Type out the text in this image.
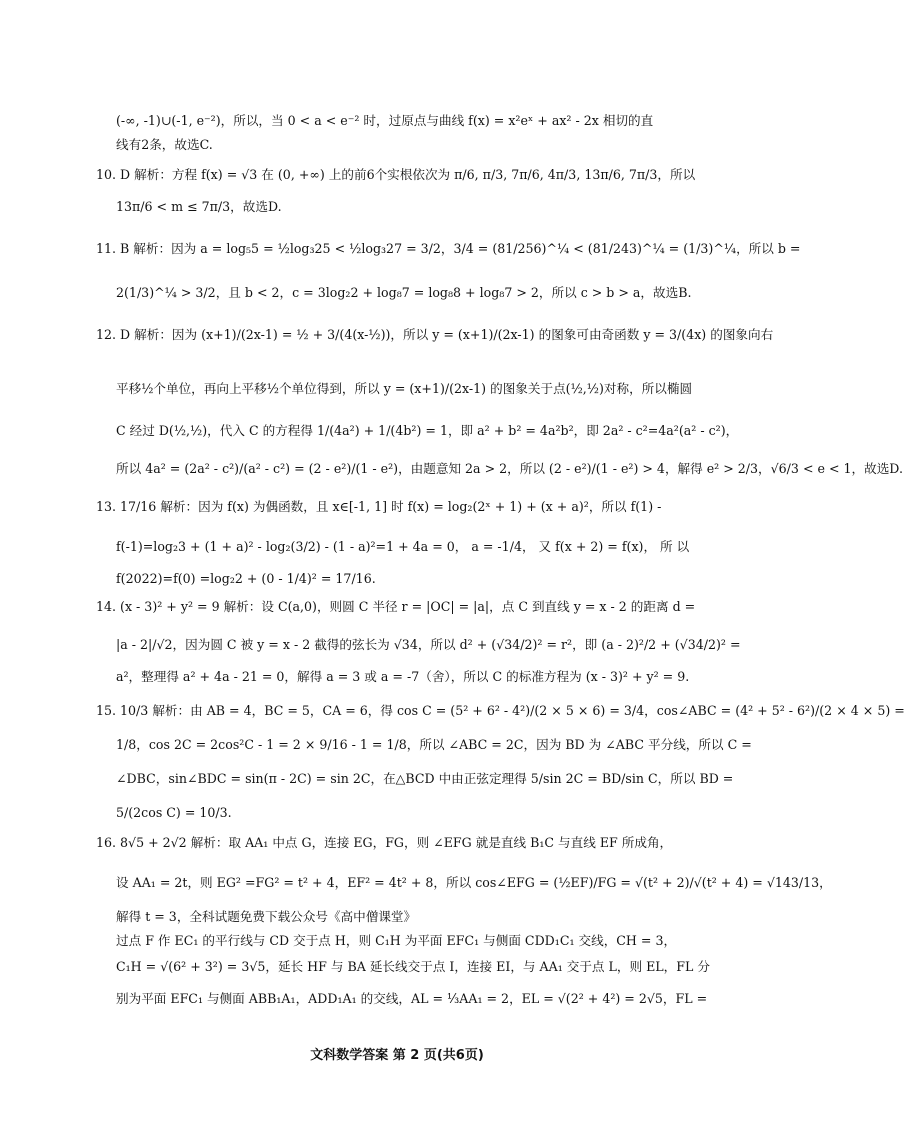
(-∞, -1)∪(-1, e⁻²)，所以，当 0 < a < e⁻² 时，过原点与曲线 f(x) = x²eˣ + ax² - 2x 相切的直
线有2条，故选C.
10. D 解析：方程 f(x) = √3 在 (0, +∞) 上的前6个实根依次为 π/6, π/3, 7π/6, 4π/3, 13π/6, 7π/3，所以
13π/6 < m ≤ 7π/3，故选D.
11. B 解析：因为 a = log₅5 = ½log₃25 < ½log₃27 = 3/2，3/4 = (81/256)^¼ < (81/243)^¼ = (1/3)^¼，所以 b =
2(1/3)^¼ > 3/2，且 b < 2，c = 3log₂2 + log₈7 = log₈8 + log₈7 > 2，所以 c > b > a，故选B.
12. D 解析：因为 (x+1)/(2x-1) = ½ + 3/(4(x-½))，所以 y = (x+1)/(2x-1) 的图象可由奇函数 y = 3/(4x) 的图象向右
平移½个单位，再向上平移½个单位得到，所以 y = (x+1)/(2x-1) 的图象关于点(½,½)对称，所以椭圆
C 经过 D(½,½)，代入 C 的方程得 1/(4a²) + 1/(4b²) = 1，即 a² + b² = 4a²b²，即 2a² - c²=4a²(a² - c²)，
所以 4a² = (2a² - c²)/(a² - c²) = (2 - e²)/(1 - e²)，由题意知 2a > 2，所以 (2 - e²)/(1 - e²) > 4，解得 e² > 2/3，√6/3 < e < 1，故选D.
13. 17/16 解析：因为 f(x) 为偶函数，且 x∈[-1, 1] 时 f(x) = log₂(2ˣ + 1) + (x + a)²，所以 f(1) -
f(-1)=log₂3 + (1 + a)² - log₂(3/2) - (1 - a)²=1 + 4a = 0， a = -1/4， 又 f(x + 2) = f(x)， 所 以
f(2022)=f(0) =log₂2 + (0 - 1/4)² = 17/16.
14. (x - 3)² + y² = 9 解析：设 C(a,0)，则圆 C 半径 r = |OC| = |a|，点 C 到直线 y = x - 2 的距离 d =
|a - 2|/√2，因为圆 C 被 y = x - 2 截得的弦长为 √34，所以 d² + (√34/2)² = r²，即 (a - 2)²/2 + (√34/2)² =
a²，整理得 a² + 4a - 21 = 0，解得 a = 3 或 a = -7（舍），所以 C 的标准方程为 (x - 3)² + y² = 9.
15. 10/3 解析：由 AB = 4，BC = 5，CA = 6，得 cos C = (5² + 6² - 4²)/(2 × 5 × 6) = 3/4，cos∠ABC = (4² + 5² - 6²)/(2 × 4 × 5) =
1/8，cos 2C = 2cos²C - 1 = 2 × 9/16 - 1 = 1/8，所以 ∠ABC = 2C，因为 BD 为 ∠ABC 平分线，所以 C =
∠DBC，sin∠BDC = sin(π - 2C) = sin 2C，在△BCD 中由正弦定理得 5/sin 2C = BD/sin C，所以 BD =
5/(2cos C) = 10/3.
16. 8√5 + 2√2 解析：取 AA₁ 中点 G，连接 EG，FG，则 ∠EFG 就是直线 B₁C 与直线 EF 所成角，
设 AA₁ = 2t，则 EG² =FG² = t² + 4，EF² = 4t² + 8，所以 cos∠EFG = (½EF)/FG = √(t² + 2)/√(t² + 4) = √143/13，
解得 t = 3，全科试题免费下载公众号《高中僧课堂》
过点 F 作 EC₁ 的平行线与 CD 交于点 H，则 C₁H 为平面 EFC₁ 与侧面 CDD₁C₁ 交线，CH = 3，
C₁H = √(6² + 3²) = 3√5，延长 HF 与 BA 延长线交于点 I，连接 EI，与 AA₁ 交于点 L，则 EL，FL 分
别为平面 EFC₁ 与侧面 ABB₁A₁，ADD₁A₁ 的交线，AL = ⅓AA₁ = 2，EL = √(2² + 4²) = 2√5，FL =
文科数学答案 第 2 页(共6页)
